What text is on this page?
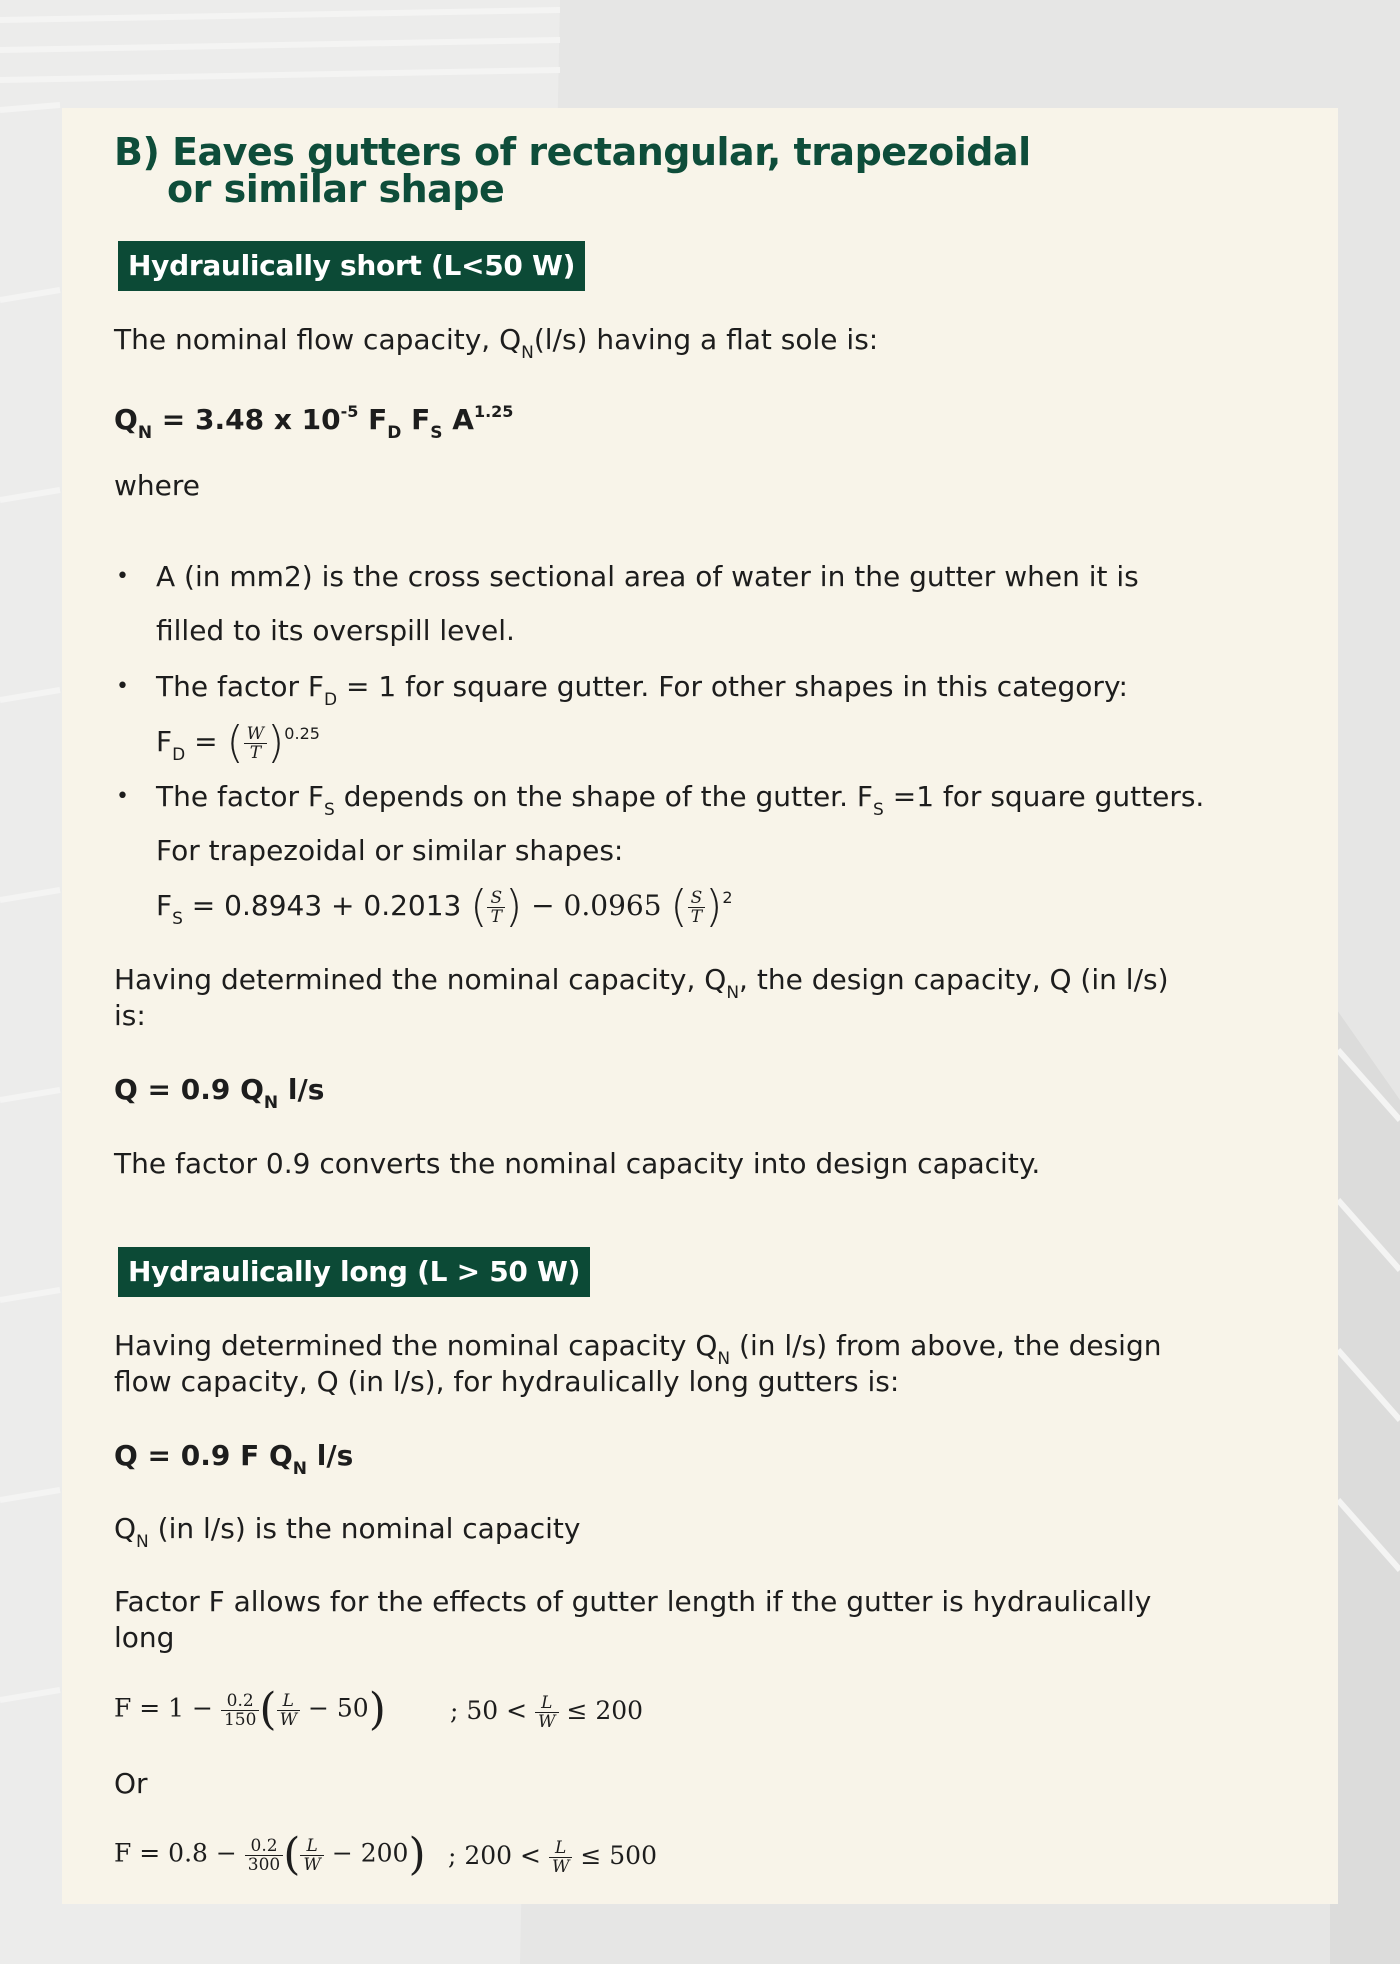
B) Eaves gutters of rectangular, trapezoidal
or similar shape
Hydraulically short (L<50 W)
The nominal flow capacity, $Q_N(l/s)$ having a flat sole is:
$Q_N = 3.48$ x $10^{-5}$ $F_D$ $F_S$ $A^{1.25}$
where
• A (in mm2) is the cross sectional area of water in the gutter when it is
filled to its overspill level.
• The factor $F_D = 1$ for square gutter. For other shapes in this category:
$F_D$ = ( $\frac{W}{T} )^{0.25}$
• The factor $F_S$ depends on the shape of the gutter. $F_S =1$ for square gutters.
For trapezoidal or similar shapes:
$F_S = 0.8943 + 0.2013$ ( $\frac{S}{T}$ ) − 0.0965 ( $\frac{S}{T} )^2$
Having determined the nominal capacity, $Q_N$, the design capacity, Q (in l/s)
is:
Q = 0.9 $Q_N$ l/s
The factor 0.9 converts the nominal capacity into design capacity.
Hydraulically long (L > 50 W)
Having determined the nominal capacity $Q_N$ (in l/s) from above, the design
flow capacity, Q (in l/s), for hydraulically long gutters is:
Q = 0.9 F $Q_N$ l/s
$Q_N$ (in l/s) is the nominal capacity
Factor F allows for the effects of gutter length if the gutter is hydraulically
long
$F = 1 - \frac{0.2}{150}$ ( $\frac{L}{W} - 50$)	; $50 < \frac{L}{W} \le 200$
Or
$F = 0.8 - \frac{0.2}{300}$ ( $\frac{L}{W} - 200$) ; $200 < \frac{L}{W} \le 500$
